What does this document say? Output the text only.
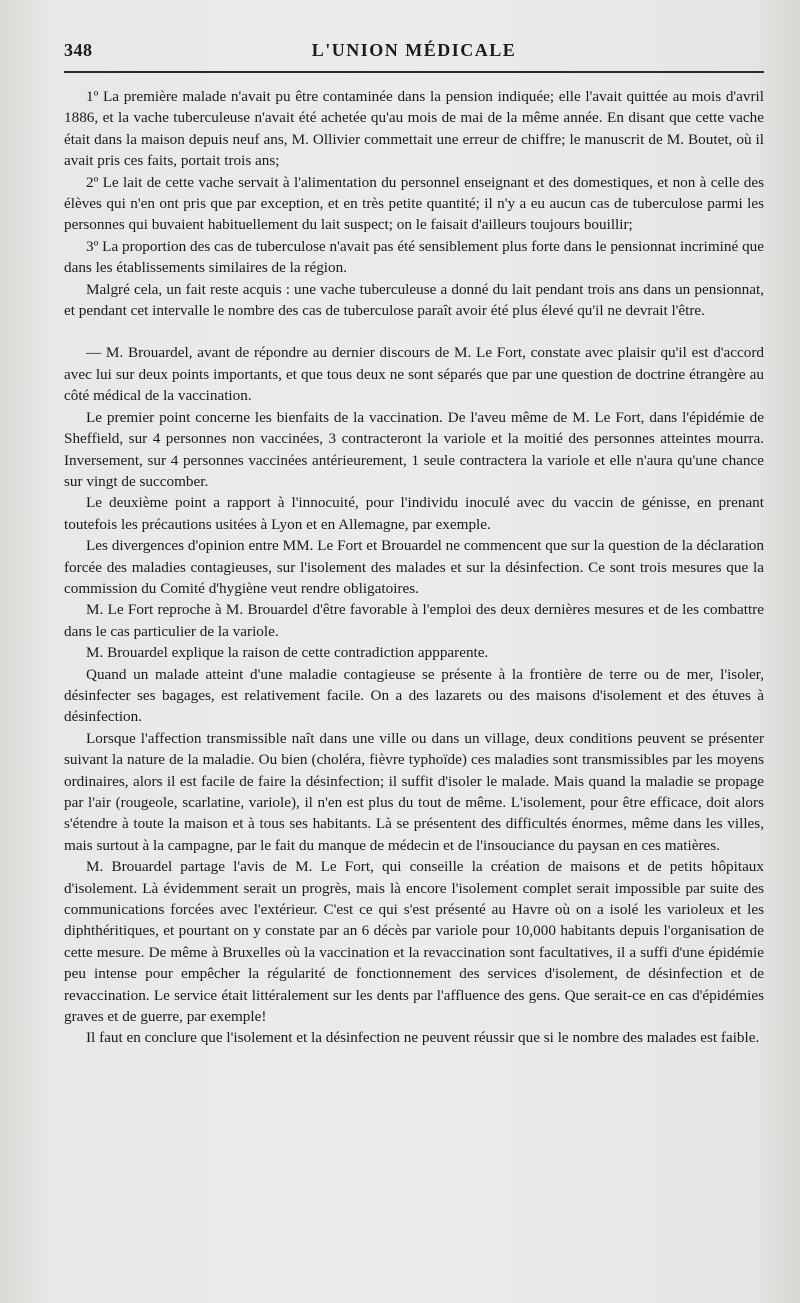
348	L'UNION MÉDICALE

1º La première malade n'avait pu être contaminée dans la pension indiquée; elle l'avait quittée au mois d'avril 1886, et la vache tuberculeuse n'avait été achetée qu'au mois de mai de la même année. En disant que cette vache était dans la maison depuis neuf ans, M. Ollivier commettait une erreur de chiffre; le manuscrit de M. Boutet, où il avait pris ces faits, portait trois ans;

2º Le lait de cette vache servait à l'alimentation du personnel enseignant et des domestiques, et non à celle des élèves qui n'en ont pris que par exception, et en très petite quantité; il n'y a eu aucun cas de tuberculose parmi les personnes qui buvaient habituellement du lait suspect; on le faisait d'ailleurs toujours bouillir;

3º La proportion des cas de tuberculose n'avait pas été sensiblement plus forte dans le pensionnat incriminé que dans les établissements similaires de la région.

Malgré cela, un fait reste acquis : une vache tuberculeuse a donné du lait pendant trois ans dans un pensionnat, et pendant cet intervalle le nombre des cas de tuberculose paraît avoir été plus élevé qu'il ne devrait l'être.

— M. Brouardel, avant de répondre au dernier discours de M. Le Fort, constate avec plaisir qu'il est d'accord avec lui sur deux points importants, et que tous deux ne sont séparés que par une question de doctrine étrangère au côté médical de la vaccination.

Le premier point concerne les bienfaits de la vaccination. De l'aveu même de M. Le Fort, dans l'épidémie de Sheffield, sur 4 personnes non vaccinées, 3 contracteront la variole et la moitié des personnes atteintes mourra. Inversement, sur 4 personnes vaccinées antérieurement, 1 seule contractera la variole et elle n'aura qu'une chance sur vingt de succomber.

Le deuxième point a rapport à l'innocuité, pour l'individu inoculé avec du vaccin de génisse, en prenant toutefois les précautions usitées à Lyon et en Allemagne, par exemple.

Les divergences d'opinion entre MM. Le Fort et Brouardel ne commencent que sur la question de la déclaration forcée des maladies contagieuses, sur l'isolement des malades et sur la désinfection. Ce sont trois mesures que la commission du Comité d'hygiène veut rendre obligatoires.

M. Le Fort reproche à M. Brouardel d'être favorable à l'emploi des deux dernières mesures et de les combattre dans le cas particulier de la variole.

M. Brouardel explique la raison de cette contradiction appparente.

Quand un malade atteint d'une maladie contagieuse se présente à la frontière de terre ou de mer, l'isoler, désinfecter ses bagages, est relativement facile. On a des lazarets ou des maisons d'isolement et des étuves à désinfection.

Lorsque l'affection transmissible naît dans une ville ou dans un village, deux conditions peuvent se présenter suivant la nature de la maladie. Ou bien (choléra, fièvre typhoïde) ces maladies sont transmissibles par les moyens ordinaires, alors il est facile de faire la désinfection; il suffit d'isoler le malade. Mais quand la maladie se propage par l'air (rougeole, scarlatine, variole), il n'en est plus du tout de même. L'isolement, pour être efficace, doit alors s'étendre à toute la maison et à tous ses habitants. Là se présentent des difficultés énormes, même dans les villes, mais surtout à la campagne, par le fait du manque de médecin et de l'insouciance du paysan en ces matières.

M. Brouardel partage l'avis de M. Le Fort, qui conseille la création de maisons et de petits hôpitaux d'isolement. Là évidemment serait un progrès, mais là encore l'isolement complet serait impossible par suite des communications forcées avec l'extérieur. C'est ce qui s'est présenté au Havre où on a isolé les varioleux et les diphthéritiques, et pourtant on y constate par an 6 décès par variole pour 10,000 habitants depuis l'organisation de cette mesure. De même à Bruxelles où la vaccination et la revaccination sont facultatives, il a suffi d'une épidémie peu intense pour empêcher la régularité de fonctionnement des services d'isolement, de désinfection et de revaccination. Le service était littéralement sur les dents par l'affluence des gens. Que serait-ce en cas d'épidémies graves et de guerre, par exemple!

Il faut en conclure que l'isolement et la désinfection ne peuvent réussir que si le nombre des malades est faible.
